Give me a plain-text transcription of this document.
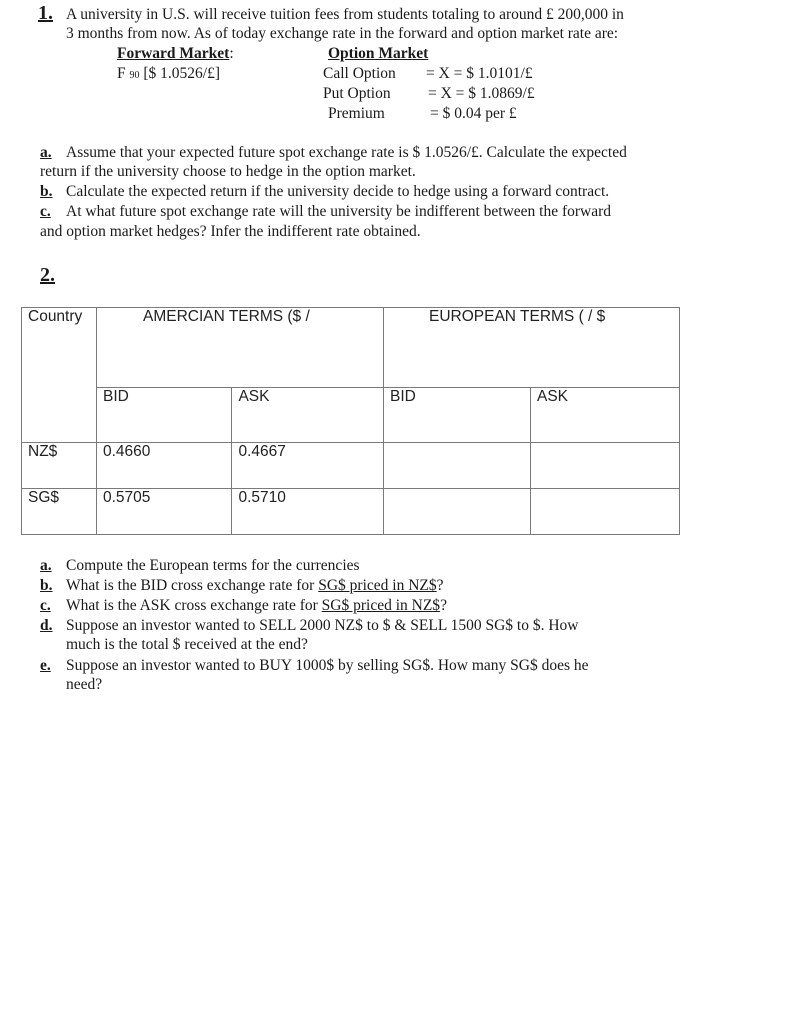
1. A university in U.S. will receive tuition fees from students totaling to around £ 200,000 in
3 months from now. As of today exchange rate in the forward and option market rate are:
Forward Market:
F 90 [$ 1.0526/£]
Option Market
Call Option = X = $ 1.0101/£
Put Option = X = $ 1.0869/£
Premium	= $ 0.04 per £
a. Assume that your expected future spot exchange rate is $ 1.0526/£. Calculate the expected
return if the university choose to hedge in the option market.
b. Calculate the expected return if the university decide to hedge using a forward contract.
c. At what future spot exchange rate will the university be indifferent between the forward
and option market hedges? Infer the indifferent rate obtained.
2.
Country	AMERCIAN TERMS ($ /		EUROPEAN TERMS ( / $	

	BID	ASK	BID	ASK

NZ$	0.4660	0.4667		

SG$	0.5705	0.5710		

a. Compute the European terms for the currencies
b. What is the BID cross exchange rate for SG$ priced in NZ$?
c. What is the ASK cross exchange rate for SG$ priced in NZ$?
d. Suppose an investor wanted to SELL 2000 NZ$ to $ & SELL 1500 SG$ to $. How
much is the total $ received at the end?
e. Suppose an investor wanted to BUY 1000$ by selling SG$. How many SG$ does he
need?
